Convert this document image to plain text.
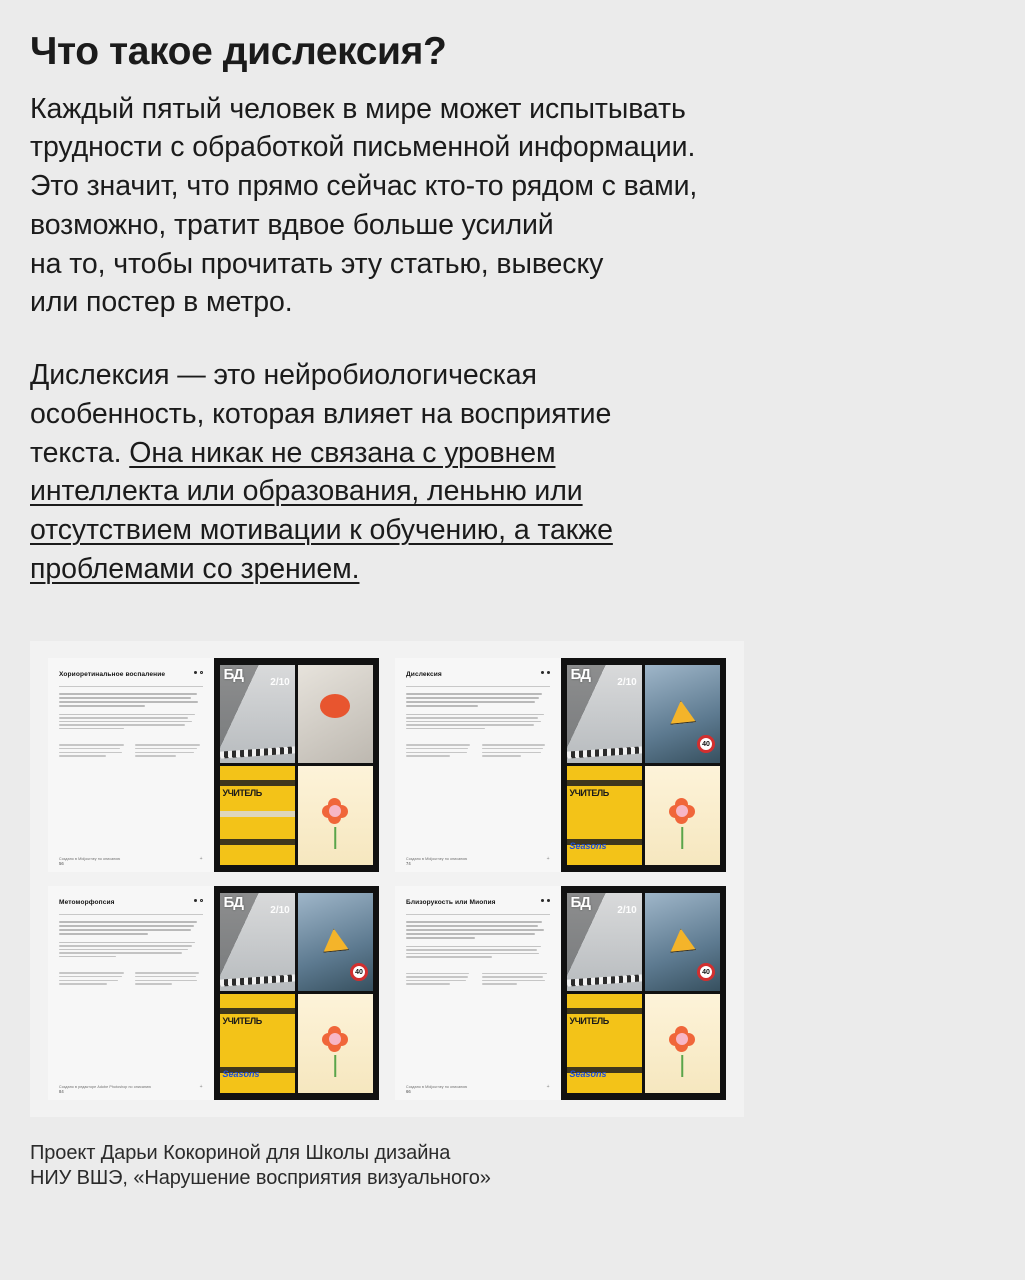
Что такое дислексия?
Каждый пятый человек в мире может испытывать
трудности с обработкой письменной информации.
Это значит, что прямо сейчас кто-то рядом с вами,
возможно, тратит вдвое больше усилий
на то, чтобы прочитать эту статью, вывеску
или постер в метро.
Дислексия — это нейробиологическая
особенность, которая влияет на восприятие
текста. Она никак не связана с уровнем
интеллекта или образования, леньню или
отсутствием мотивации к обучению, а также
проблемами со зрением.
Хориоретинальное воспаление
Создано в Midjourney по описанию	+
56
БД	2/10
УЧИТЕЛЬ
Дислексия
Создано в Midjourney по описанию	+
74
БД	2/10
40
УЧИТЕЛЬ
Seasons
Метоморфопсия
Создано в редакторе Adobe Photoshop по описанию	+
84
БД	2/10
40
УЧИТЕЛЬ
Seasons
Близорукость или Миопия
Создано в Midjourney по описанию	+
66
БД	2/10
40
УЧИТЕЛЬ
Seasons
Проект Дарьи Кокориной для Школы дизайна
НИУ ВШЭ, «Нарушение восприятия визуального»
